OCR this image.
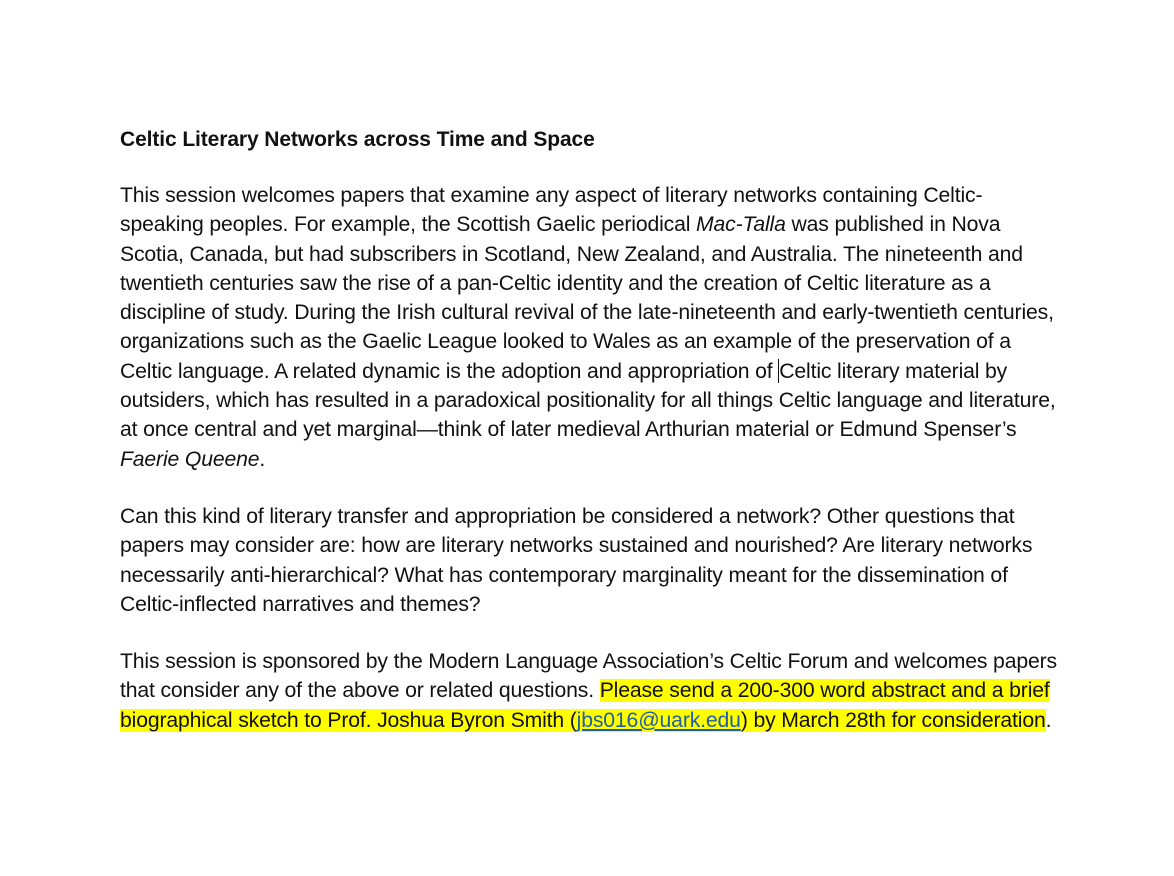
Celtic Literary Networks across Time and Space

This session welcomes papers that examine any aspect of literary networks containing Celtic-speaking peoples. For example, the Scottish Gaelic periodical Mac-Talla was published in Nova Scotia, Canada, but had subscribers in Scotland, New Zealand, and Australia. The nineteenth and twentieth centuries saw the rise of a pan-Celtic identity and the creation of Celtic literature as a discipline of study. During the Irish cultural revival of the late-nineteenth and early-twentieth centuries, organizations such as the Gaelic League looked to Wales as an example of the preservation of a Celtic language. A related dynamic is the adoption and appropriation of Celtic literary material by outsiders, which has resulted in a paradoxical positionality for all things Celtic language and literature, at once central and yet marginal—think of later medieval Arthurian material or Edmund Spenser’s Faerie Queene.

Can this kind of literary transfer and appropriation be considered a network? Other questions that papers may consider are: how are literary networks sustained and nourished? Are literary networks necessarily anti-hierarchical? What has contemporary marginality meant for the dissemination of Celtic-inflected narratives and themes?

This session is sponsored by the Modern Language Association’s Celtic Forum and welcomes papers that consider any of the above or related questions. Please send a 200-300 word abstract and a brief biographical sketch to Prof. Joshua Byron Smith (jbs016@uark.edu) by March 28th for consideration.
